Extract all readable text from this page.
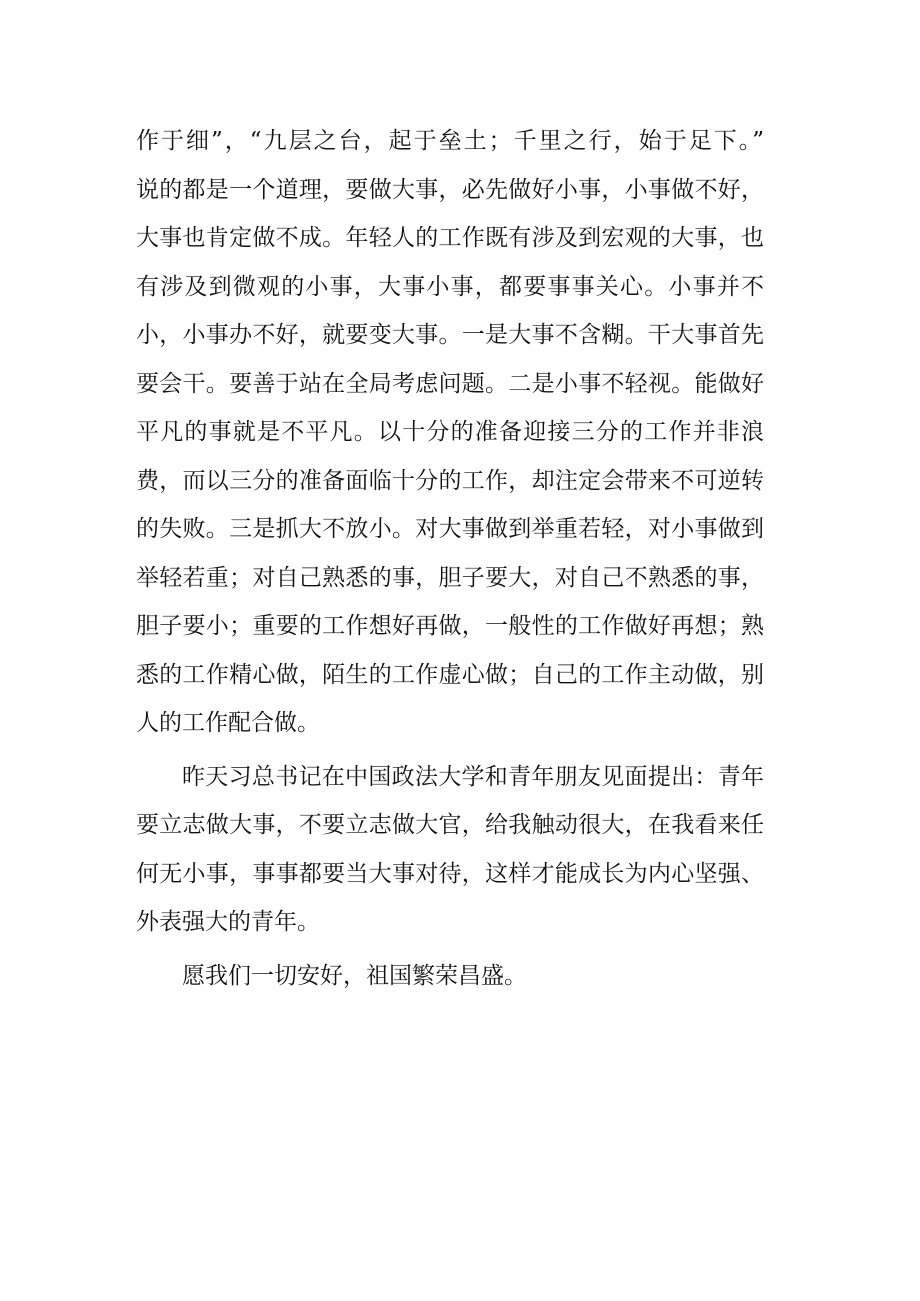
作于细”，“九层之台，起于垒土；千里之行，始于足下。”
说的都是一个道理，要做大事，必先做好小事，小事做不好，
大事也肯定做不成。年轻人的工作既有涉及到宏观的大事，也
有涉及到微观的小事，大事小事，都要事事关心。小事并不
小，小事办不好，就要变大事。一是大事不含糊。干大事首先
要会干。要善于站在全局考虑问题。二是小事不轻视。能做好
平凡的事就是不平凡。以十分的准备迎接三分的工作并非浪
费，而以三分的准备面临十分的工作，却注定会带来不可逆转
的失败。三是抓大不放小。对大事做到举重若轻，对小事做到
举轻若重；对自己熟悉的事，胆子要大，对自己不熟悉的事，
胆子要小；重要的工作想好再做，一般性的工作做好再想；熟
悉的工作精心做，陌生的工作虚心做；自己的工作主动做，别
人的工作配合做。
昨天习总书记在中国政法大学和青年朋友见面提出：青年
要立志做大事，不要立志做大官，给我触动很大，在我看来任
何无小事，事事都要当大事对待，这样才能成长为内心坚强、
外表强大的青年。
愿我们一切安好，祖国繁荣昌盛。
